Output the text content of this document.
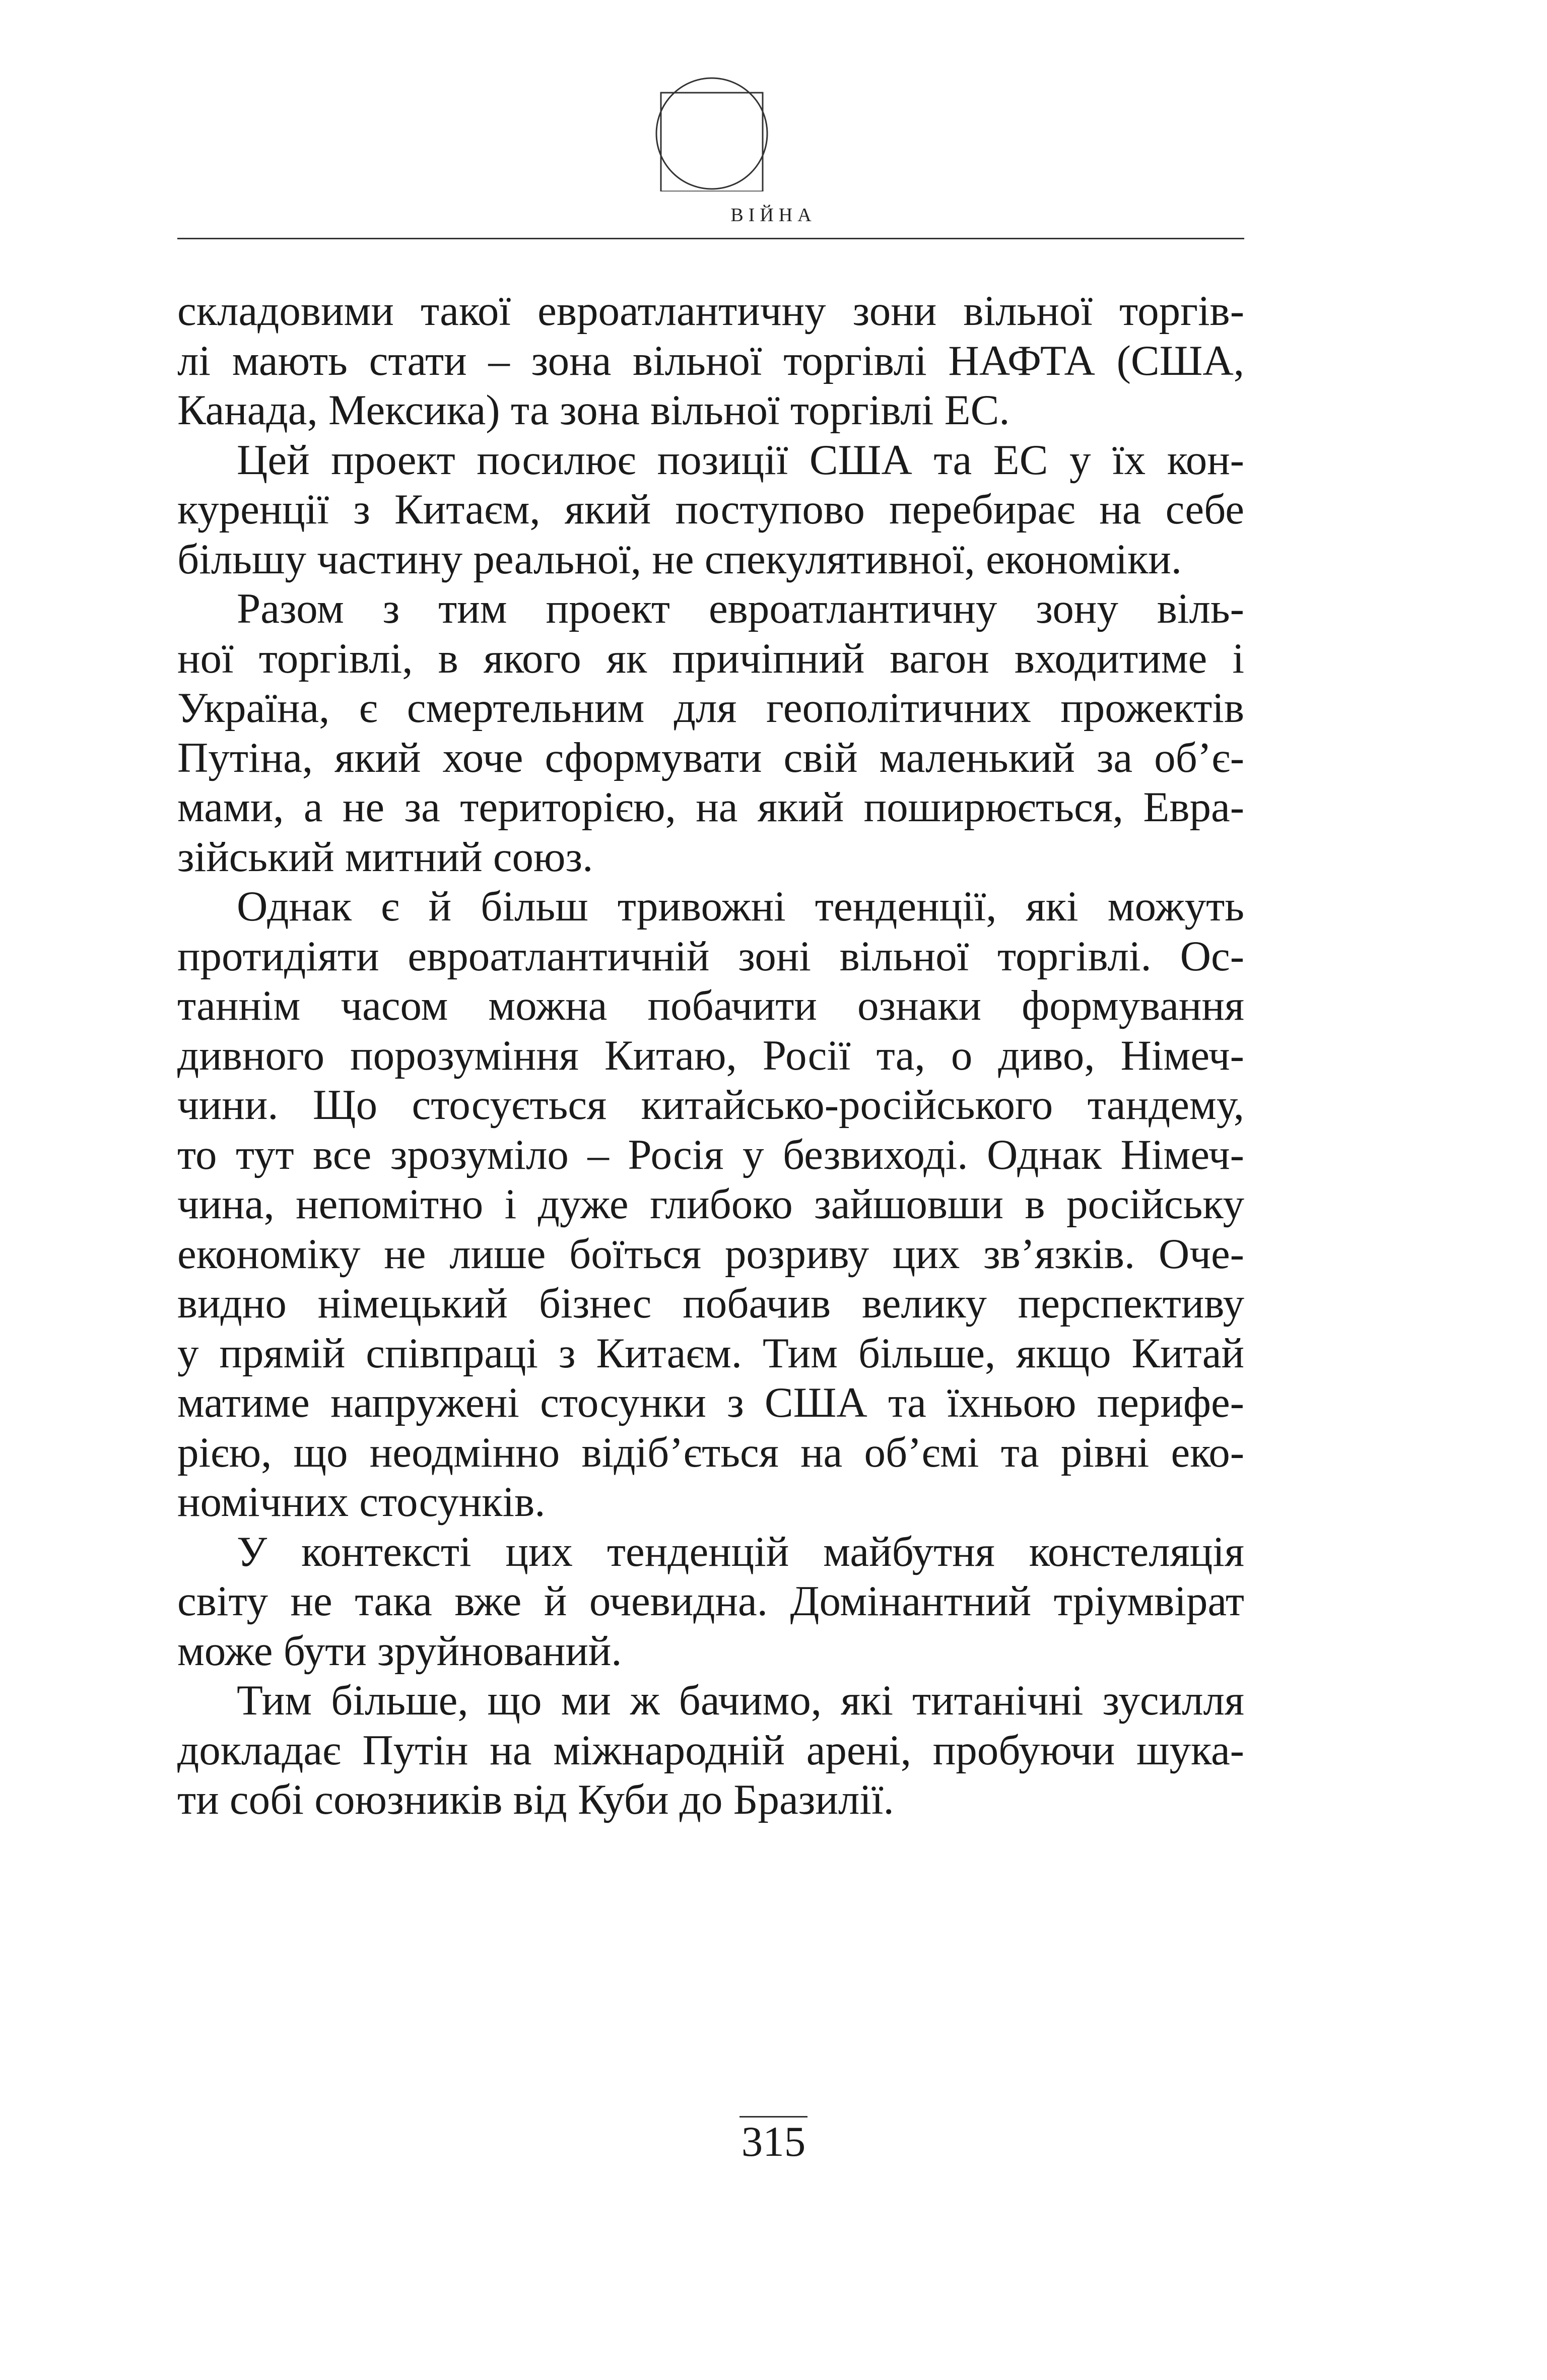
ВІЙНА
складовими такої евроатлантичну зони вільної торгів-
лі мають стати – зона вільної торгівлі НАФТА (США,
Канада, Мексика) та зона вільної торгівлі ЕС.
Цей проект посилює позиції США та ЕС у їх кон-
куренції з Китаєм, який поступово перебирає на себе
більшу частину реальної, не спекулятивної, економіки.
Разом з тим проект евроатлантичну зону віль-
ної торгівлі, в якого як причіпний вагон входитиме і
Україна, є смертельним для геополітичних прожектів
Путіна, який хоче сформувати свій маленький за об’є-
мами, а не за територією, на який поширюється, Евра-
зійський митний союз.
Однак є й більш тривожні тенденції, які можуть
протидіяти евроатлантичній зоні вільної торгівлі. Ос-
таннім часом можна побачити ознаки формування
дивного порозуміння Китаю, Росії та, о диво, Німеч-
чини. Що стосується китайсько-російського тандему,
то тут все зрозуміло – Росія у безвиході. Однак Німеч-
чина, непомітно і дуже глибоко зайшовши в російську
економіку не лише боїться розриву цих зв’язків. Оче-
видно німецький бізнес побачив велику перспективу
у прямій співпраці з Китаєм. Тим більше, якщо Китай
матиме напружені стосунки з США та їхньою перифе-
рією, що неодмінно відіб’ється на об’ємі та рівні еко-
номічних стосунків.
У контексті цих тенденцій майбутня констеляція
світу не така вже й очевидна. Домінантний тріумвірат
може бути зруйнований.
Тим більше, що ми ж бачимо, які титанічні зусилля
докладає Путін на міжнародній арені, пробуючи шука-
ти собі союзників від Куби до Бразилії.
315
